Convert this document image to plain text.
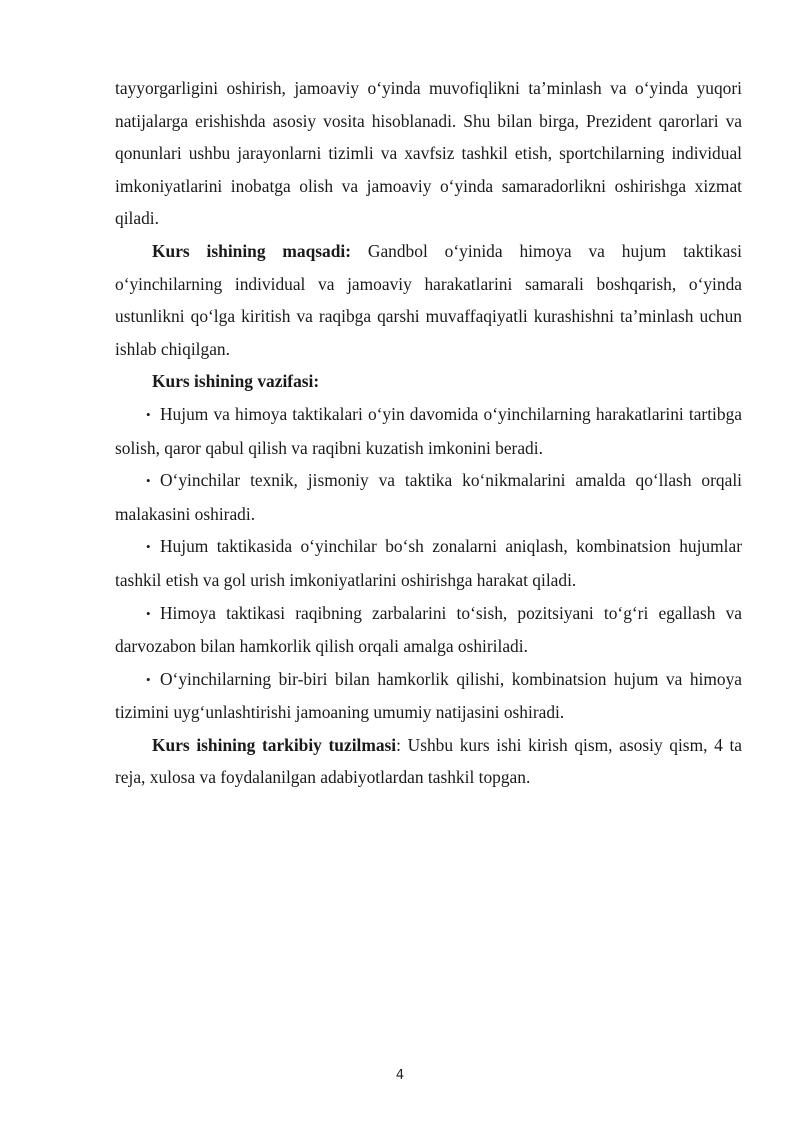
tayyorgarligini oshirish, jamoaviy o‘yinda muvofiqlikni ta’minlash va o‘yinda yuqori natijalarga erishishda asosiy vosita hisoblanadi. Shu bilan birga, Prezident qarorlari va qonunlari ushbu jarayonlarni tizimli va xavfsiz tashkil etish, sportchilarning individual imkoniyatlarini inobatga olish va jamoaviy o‘yinda samaradorlikni oshirishga xizmat qiladi.

Kurs ishining maqsadi: Gandbol o‘yinida himoya va hujum taktikasi o‘yinchilarning individual va jamoaviy harakatlarini samarali boshqarish, o‘yinda ustunlikni qo‘lga kiritish va raqibga qarshi muvaffaqiyatli kurashishni ta’minlash uchun ishlab chiqilgan.

Kurs ishining vazifasi:

• Hujum va himoya taktikalari o‘yin davomida o‘yinchilarning harakatlarini tartibga solish, qaror qabul qilish va raqibni kuzatish imkonini beradi.

• O‘yinchilar texnik, jismoniy va taktika ko‘nikmalarini amalda qo‘llash orqali malakasini oshiradi.

• Hujum taktikasida o‘yinchilar bo‘sh zonalarni aniqlash, kombinatsion hujumlar tashkil etish va gol urish imkoniyatlarini oshirishga harakat qiladi.

• Himoya taktikasi raqibning zarbalarini to‘sish, pozitsiyani to‘g‘ri egallash va darvozabon bilan hamkorlik qilish orqali amalga oshiriladi.

• O‘yinchilarning bir-biri bilan hamkorlik qilishi, kombinatsion hujum va himoya tizimini uyg‘unlashtirishi jamoaning umumiy natijasini oshiradi.

Kurs ishining tarkibiy tuzilmasi: Ushbu kurs ishi kirish qism, asosiy qism, 4 ta reja, xulosa va foydalanilgan adabiyotlardan tashkil topgan.

4
